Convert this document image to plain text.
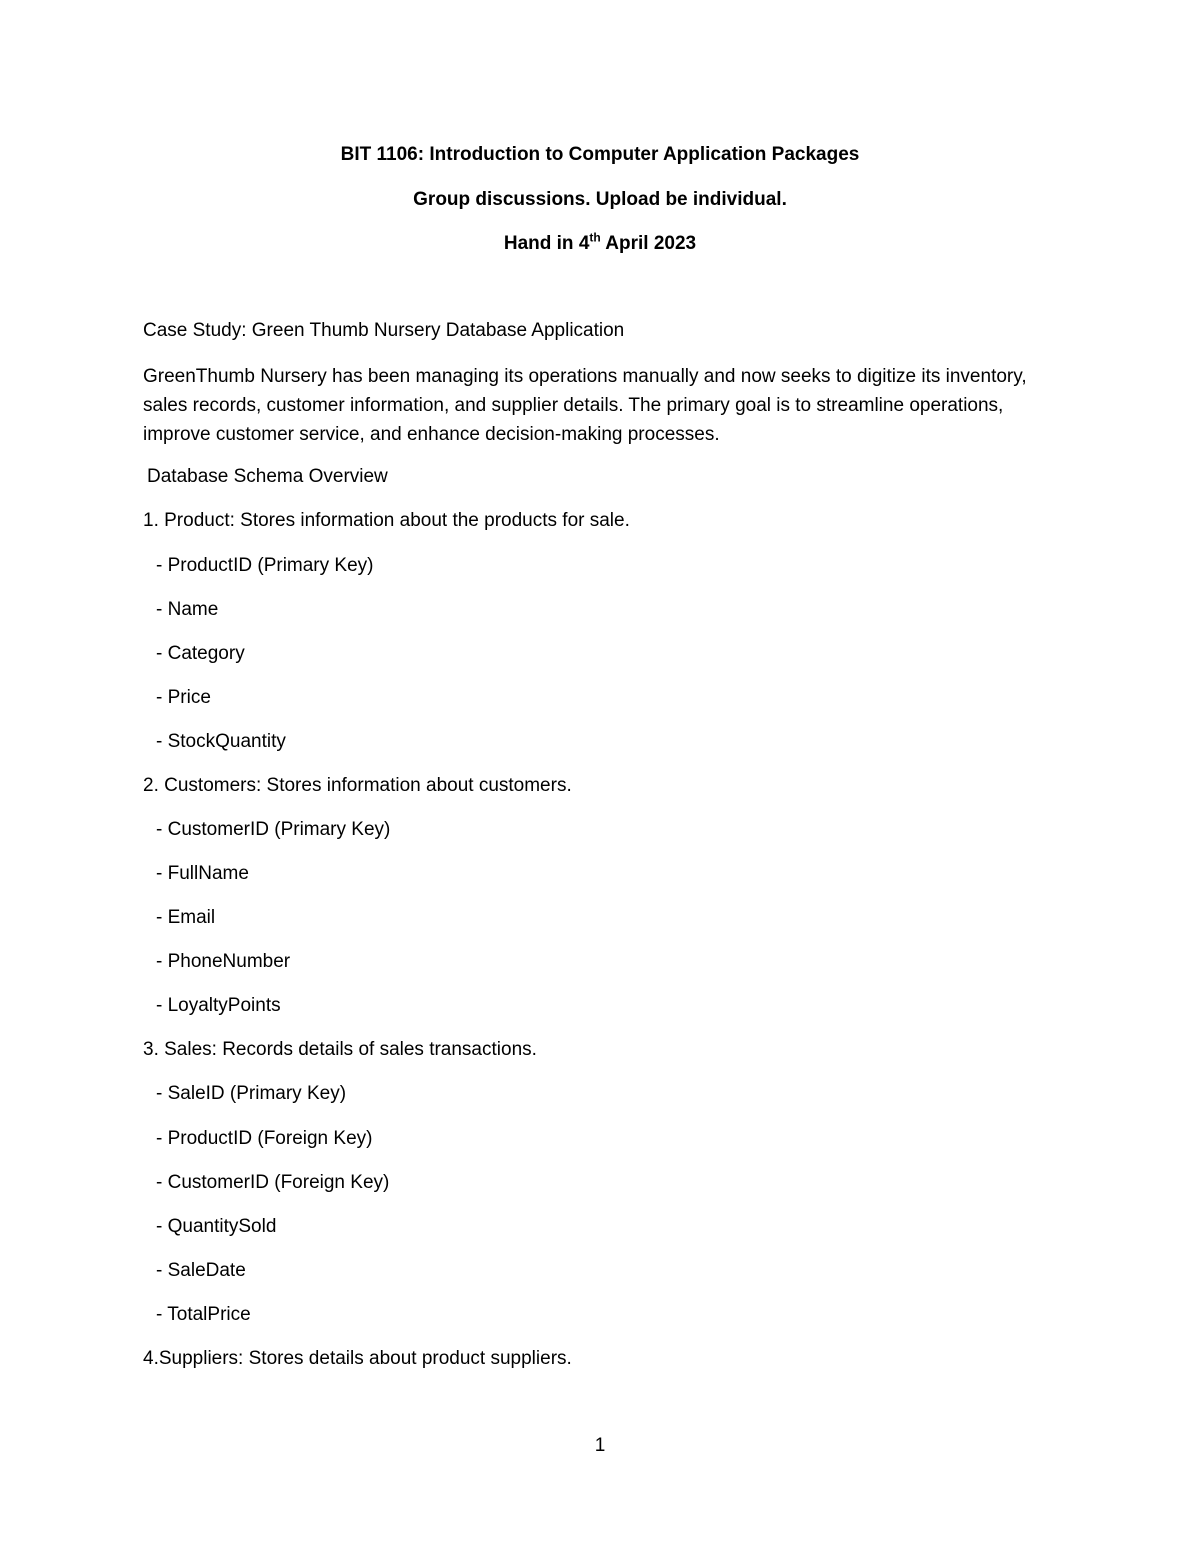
BIT 1106: Introduction to Computer Application Packages
Group discussions. Upload be individual.
Hand in 4th April 2023
Case Study: Green Thumb Nursery Database Application
GreenThumb Nursery has been managing its operations manually and now seeks to digitize its inventory, sales records, customer information, and supplier details. The primary goal is to streamline operations, improve customer service, and enhance decision-making processes.
Database Schema Overview
1. Product: Stores information about the products for sale.
- ProductID (Primary Key)
- Name
- Category
- Price
- StockQuantity
2. Customers: Stores information about customers.
- CustomerID (Primary Key)
- FullName
- Email
- PhoneNumber
- LoyaltyPoints
3. Sales: Records details of sales transactions.
- SaleID (Primary Key)
- ProductID (Foreign Key)
- CustomerID (Foreign Key)
- QuantitySold
- SaleDate
- TotalPrice
4.Suppliers: Stores details about product suppliers.
1
